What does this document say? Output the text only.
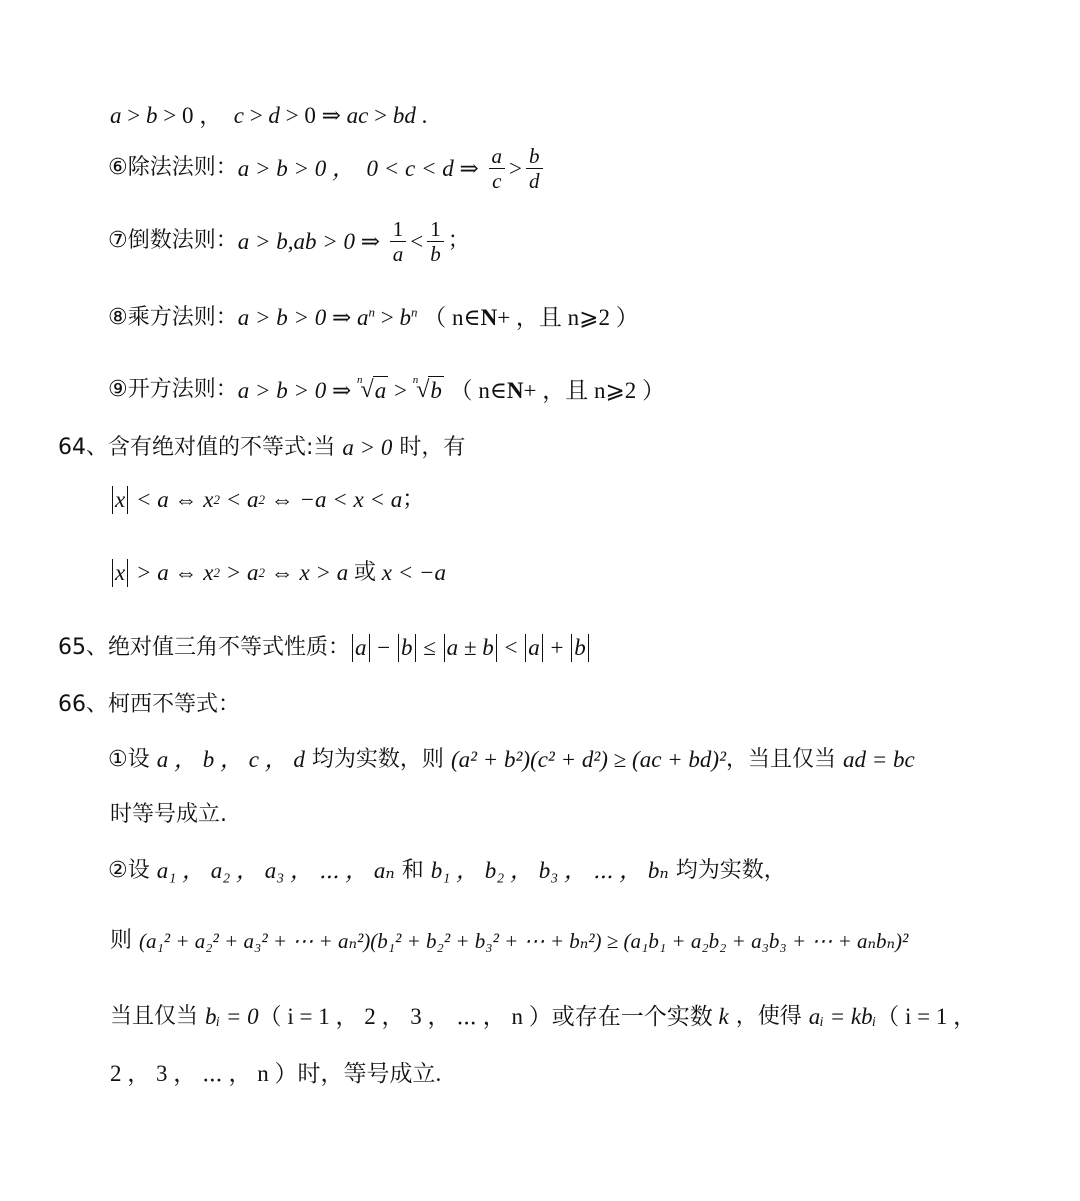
a > b > 0 ， c > d > 0 ⇒ ac > bd .
⑥除法法则： a > b > 0 ，  0 < c < d ⇒ $\frac{a}{c} > \frac{b}{d}$
⑦倒数法则： a > b,ab > 0 ⇒ $\frac{1}{a} < \frac{1}{b}$ ；
⑧乘方法则： a > b > 0 ⇒ $a^n > b^n$ （ n∈ N + ，且 n⩾2 ）
⑨开方法则： a > b > 0 ⇒ n
√ a > n
√ b （ n∈ N + ，且 n⩾2 ）
64、 含有绝对值的不等式:当 a > 0 时，有
x < a ⇔ x 2 < a 2 ⇔ −a < x < a ；
x > a ⇔ x 2 > a 2 ⇔ x > a 或 x < −a
65、 绝对值三角不等式性质： a − b ≤ a ± b < a + b
66、 柯西不等式：
①设 a ， b ， c ， d 均为实数，则 (a² + b²)(c² + d²) ≥ (ac + bd)² ，当且仅当 ad = bc
时等号成立.
②设 a₁ ， a₂ ， a₃ ， ⋯ ， aₙ 和 b₁ ， b₂ ， b₃ ， ⋯ ， bₙ 均为实数，
则 (a₁² + a₂² + a₃² + ⋯ + aₙ²)(b₁² + b₂² + b₃² + ⋯ + bₙ²) ≥ (a₁b₁ + a₂b₂ + a₃b₃ + ⋯ + aₙbₙ)²
当且仅当 bᵢ = 0 （ i = 1 ， 2 ， 3 ， ⋯ ， n ）或存在一个实数 k ，使得 aᵢ = kbᵢ （ i = 1 ，
2 ， 3 ， ⋯ ， n ）时，等号成立.
